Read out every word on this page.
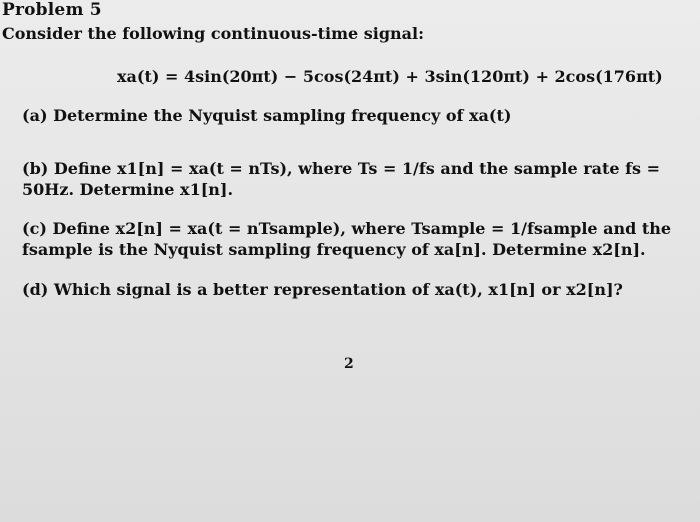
Problem 5
Consider the following continuous-time signal:
xa(t) = 4sin(20πt) − 5cos(24πt) + 3sin(120πt) + 2cos(176πt)
(a) Determine the Nyquist sampling frequency of xa(t)
(b) Define x1[n] = xa(t = nTs), where Ts = 1/fs and the sample rate fs = 50Hz. Determine x1[n].
(c) Define x2[n] = xa(t = nTsample), where Tsample = 1/fsample and the fsample is the Nyquist sampling frequency of xa[n]. Determine x2[n].
(d) Which signal is a better representation of xa(t), x1[n] or x2[n]?
2
